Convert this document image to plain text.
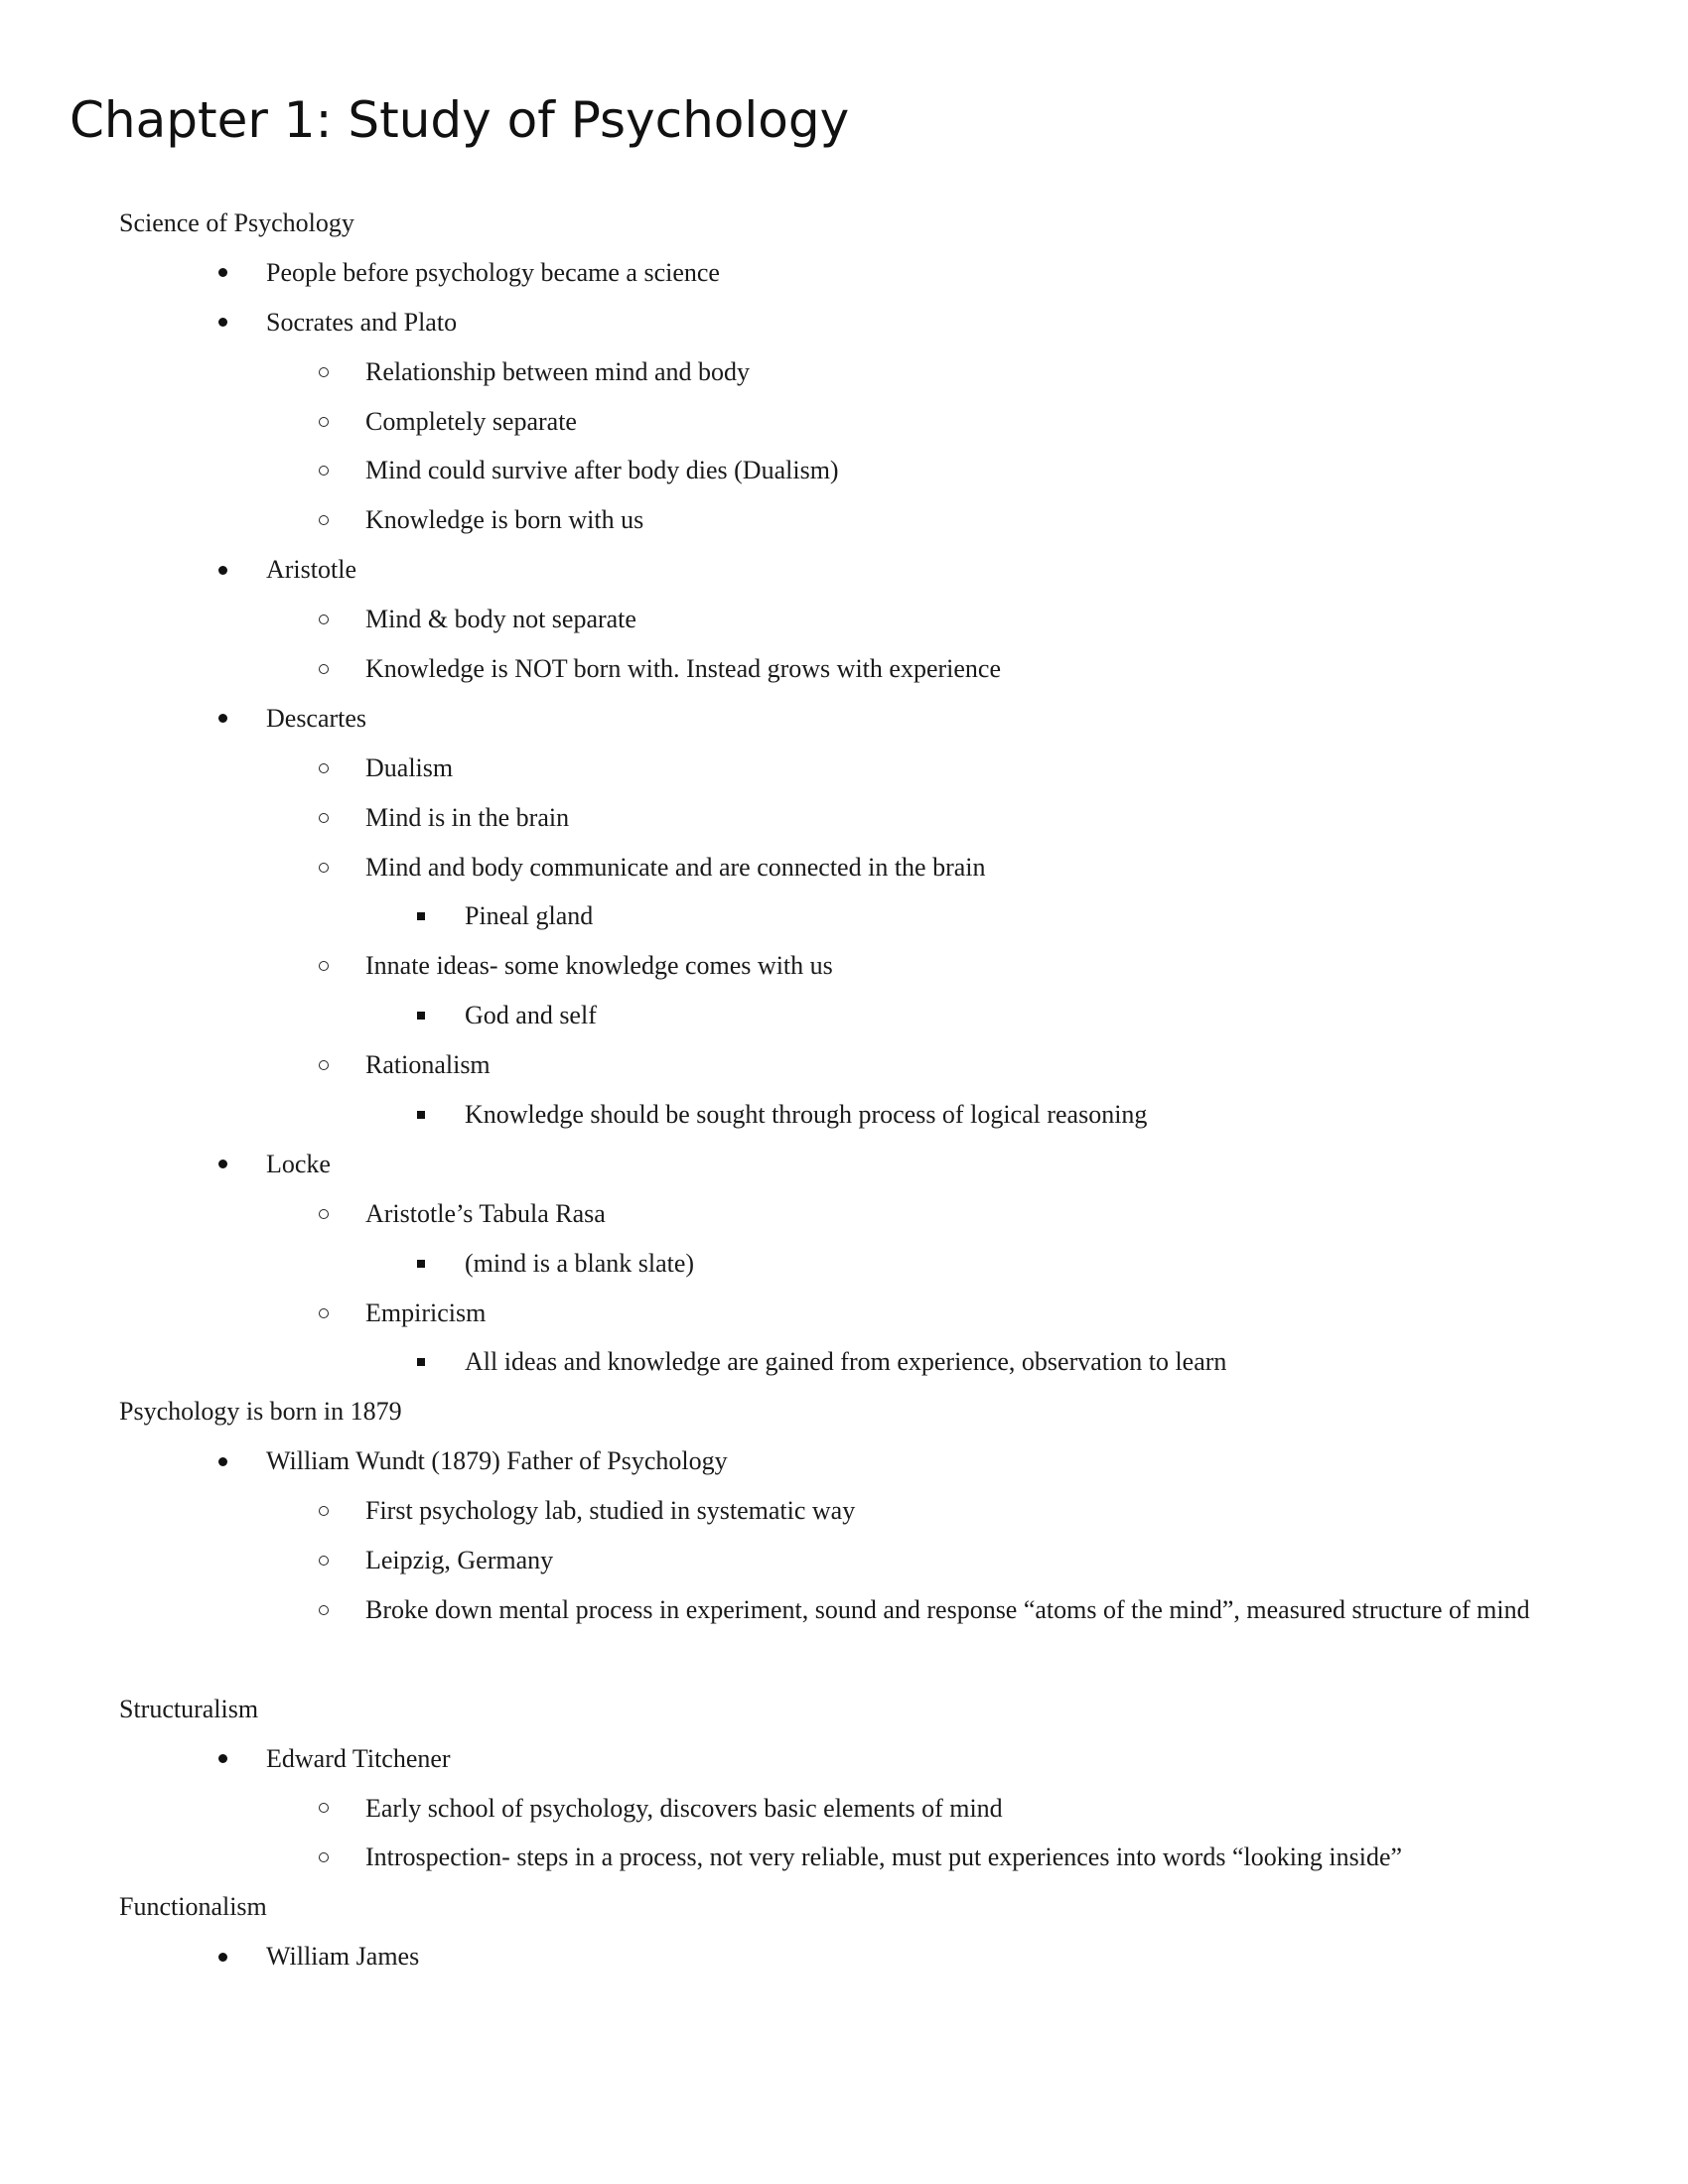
Chapter 1: Study of Psychology
Science of Psychology
People before psychology became a science
Socrates and Plato
Relationship between mind and body
Completely separate
Mind could survive after body dies (Dualism)
Knowledge is born with us
Aristotle
Mind & body not separate
Knowledge is NOT born with. Instead grows with experience
Descartes
Dualism
Mind is in the brain
Mind and body communicate and are connected in the brain
Pineal gland
Innate ideas- some knowledge comes with us
God and self
Rationalism
Knowledge should be sought through process of logical reasoning
Locke
Aristotle’s Tabula Rasa
(mind is a blank slate)
Empiricism
All ideas and knowledge are gained from experience, observation to learn
Psychology is born in 1879
William Wundt (1879) Father of Psychology
First psychology lab, studied in systematic way
Leipzig, Germany
Broke down mental process in experiment, sound and response “atoms of the mind”, measured structure of mind
Structuralism
Edward Titchener
Early school of psychology, discovers basic elements of mind
Introspection- steps in a process, not very reliable, must put experiences into words “looking inside”
Functionalism
William James
